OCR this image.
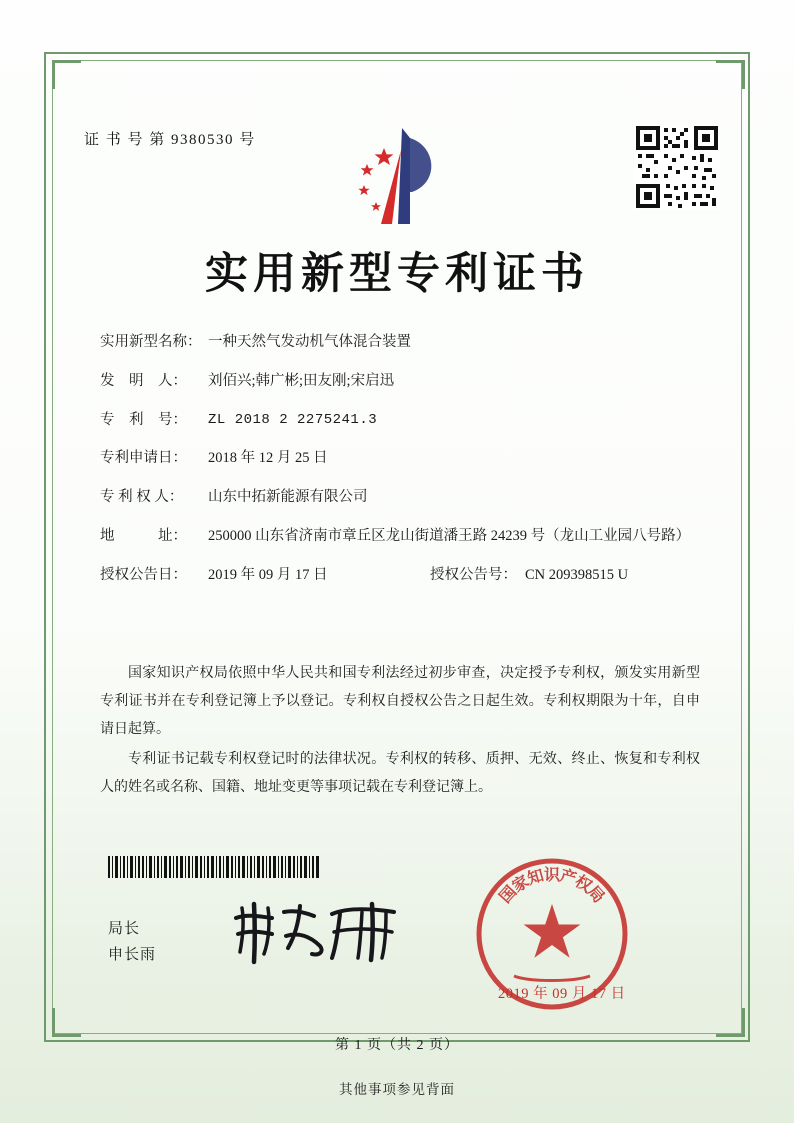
证 书 号 第 9380530 号
实用新型专利证书
实用新型名称： 一种天然气发动机气体混合装置
发　明　人：	刘佰兴;韩广彬;田友刚;宋启迅
专　利　号：	ZL 2018 2 2275241.3
专利申请日：	2018 年 12 月 25 日
专 利 权 人：	山东中拓新能源有限公司
地　　　址：	250000 山东省济南市章丘区龙山街道潘王路 24239 号（龙山工业园八号路）
授权公告日：	2019 年 09 月 17 日	授权公告号： CN 209398515 U

国家知识产权局依照中华人民共和国专利法经过初步审查，决定授予专利权，颁发实用新型专利证书并在专利登记簿上予以登记。专利权自授权公告之日起生效。专利权期限为十年，自申请日起算。

专利证书记载专利权登记时的法律状况。专利权的转移、质押、无效、终止、恢复和专利权人的姓名或名称、国籍、地址变更等事项记载在专利登记簿上。

局长
申长雨
国
家
知
识
产
权
局
2019 年 09 月 17 日
第 1 页（共 2 页）
其他事项参见背面
